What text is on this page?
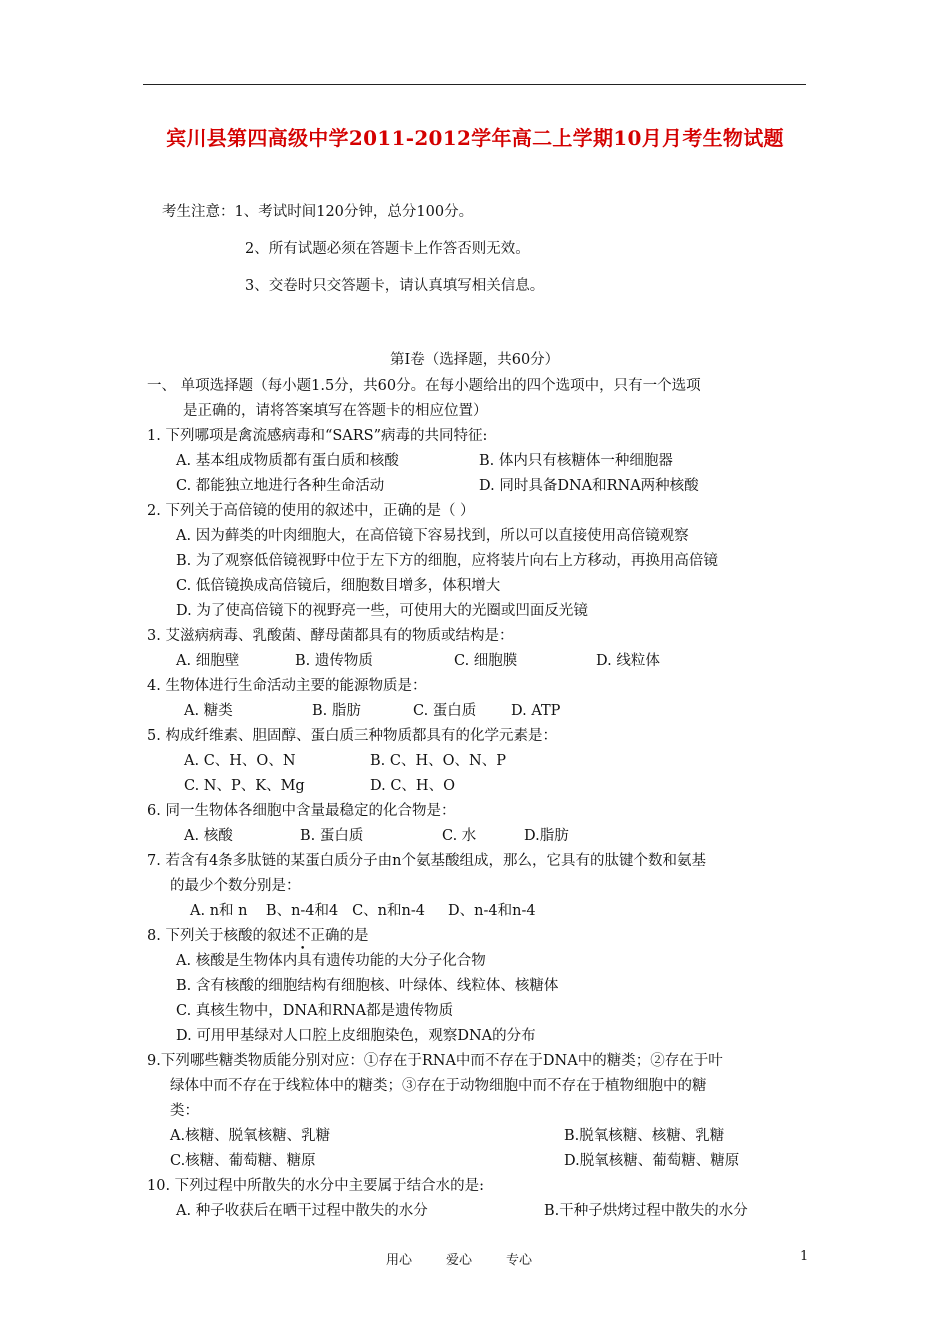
宾川县第四高级中学2011-2012学年高二上学期10月月考生物试题
考生注意：1、考试时间120分钟，总分100分。
2、所有试题必须在答题卡上作答否则无效。
3、交卷时只交答题卡，请认真填写相关信息。
第Ⅰ卷（选择题，共60分）
一、 单项选择题（每小题1.5分，共60分。在每小题给出的四个选项中，只有一个选项
是正确的，请将答案填写在答题卡的相应位置）
1. 下列哪项是禽流感病毒和“SARS”病毒的共同特征:
A. 基本组成物质都有蛋白质和核酸	B. 体内只有核糖体一种细胞器
C. 都能独立地进行各种生命活动	D. 同时具备DNA和RNA两种核酸
2. 下列关于高倍镜的使用的叙述中，正确的是（ ）
A. 因为藓类的叶肉细胞大，在高倍镜下容易找到，所以可以直接使用高倍镜观察
B. 为了观察低倍镜视野中位于左下方的细胞，应将装片向右上方移动，再换用高倍镜
C. 低倍镜换成高倍镜后，细胞数目增多，体积增大
D. 为了使高倍镜下的视野亮一些，可使用大的光圈或凹面反光镜
3. 艾滋病病毒、乳酸菌、酵母菌都具有的物质或结构是：
A. 细胞壁	B. 遗传物质	C. 细胞膜	D. 线粒体
4. 生物体进行生命活动主要的能源物质是：
A. 糖类	B. 脂肪	C. 蛋白质 D. ATP
5. 构成纤维素、胆固醇、蛋白质三种物质都具有的化学元素是：
A. C、H、O、N	B. C、H、O、N、P
C. N、P、K、Mg	D. C、H、O
6. 同一生物体各细胞中含量最稳定的化合物是：
A. 核酸	B. 蛋白质	C. 水	D.脂肪
7. 若含有4条多肽链的某蛋白质分子由n个氨基酸组成，那么，它具有的肽键个数和氨基
的最少个数分别是：
A. n和 n    B、n-4和4   C、n和n-4     D、n-4和n-4
8. 下列关于核酸的叙述不正确的是
A. 核酸是生物体内具有遗传功能的大分子化合物
B. 含有核酸的细胞结构有细胞核、叶绿体、线粒体、核糖体
C. 真核生物中，DNA和RNA都是遗传物质
D. 可用甲基绿对人口腔上皮细胞染色，观察DNA的分布
9.下列哪些糖类物质能分别对应：①存在于RNA中而不存在于DNA中的糖类；②存在于叶
绿体中而不存在于线粒体中的糖类；③存在于动物细胞中而不存在于植物细胞中的糖
类：
A.核糖、脱氧核糖、乳糖	B.脱氧核糖、核糖、乳糖
C.核糖、葡萄糖、糖原	D.脱氧核糖、葡萄糖、糖原
10. 下列过程中所散失的水分中主要属于结合水的是:
A. 种子收获后在晒干过程中散失的水分	B.干种子烘烤过程中散失的水分
用心	爱心	专心	1
